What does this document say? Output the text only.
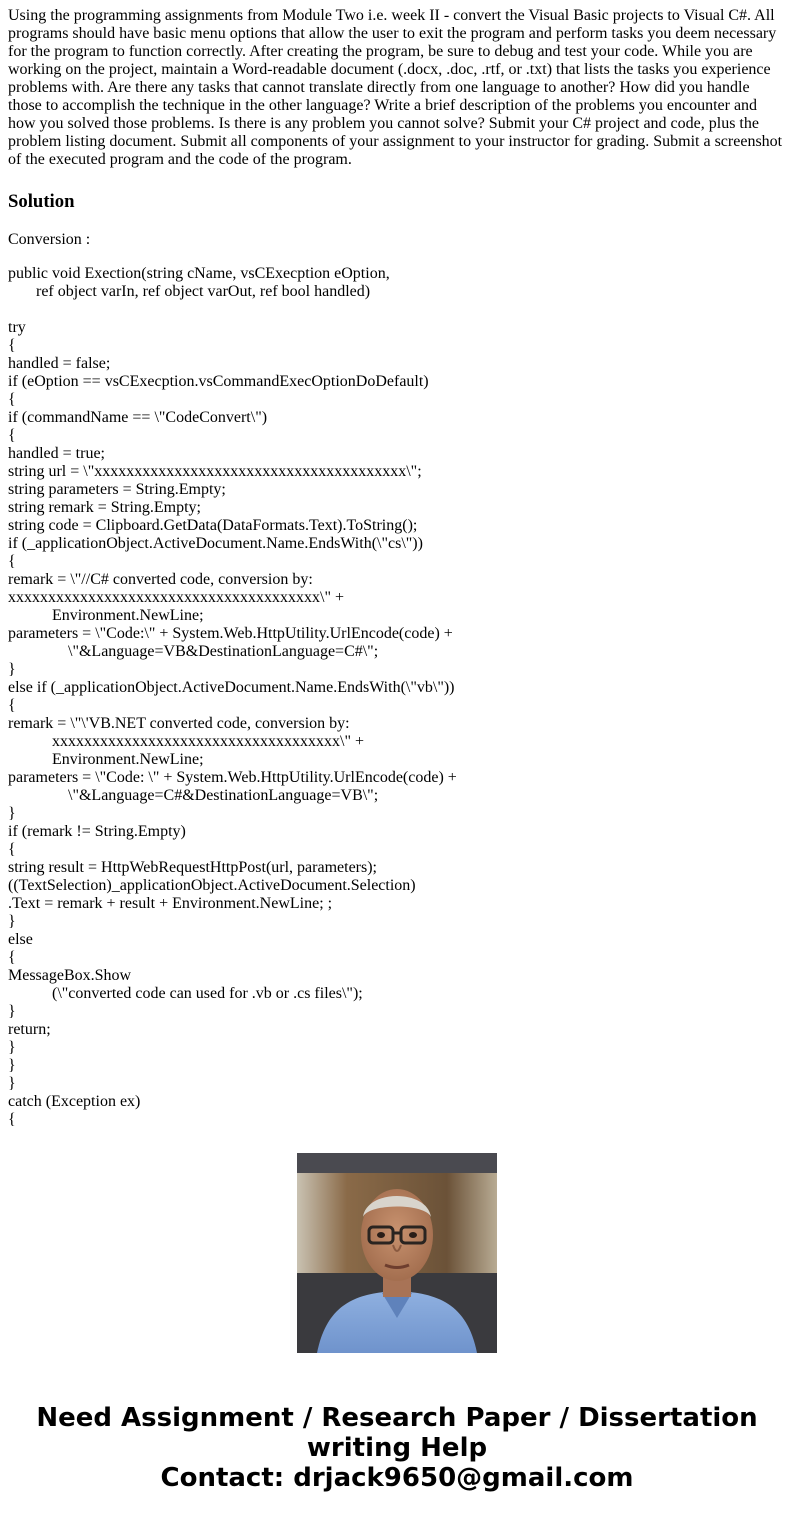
Using the programming assignments from Module Two i.e. week II - convert the Visual Basic projects to Visual C#. All programs should have basic menu options that allow the user to exit the program and perform tasks you deem necessary for the program to function correctly. After creating the program, be sure to debug and test your code. While you are working on the project, maintain a Word-readable document (.docx, .doc, .rtf, or .txt) that lists the tasks you experience problems with. Are there any tasks that cannot translate directly from one language to another? How did you handle those to accomplish the technique in the other language? Write a brief description of the problems you encounter and how you solved those problems. Is there is any problem you cannot solve? Submit your C# project and code, plus the problem listing document. Submit all components of your assignment to your instructor for grading. Submit a screenshot of the executed program and the code of the program.

Solution
Conversion :
public void Exection(string cName, vsCExecption eOption,
ref object varIn, ref object varOut, ref bool handled)
try
{
handled = false;
if (eOption == vsCExecption.vsCommandExecOptionDoDefault)
{
if (commandName == \"CodeConvert\")
{
handled = true;
string url = \"xxxxxxxxxxxxxxxxxxxxxxxxxxxxxxxxxxxxxxx\";
string parameters = String.Empty;
string remark = String.Empty;
string code = Clipboard.GetData(DataFormats.Text).ToString();
if (_applicationObject.ActiveDocument.Name.EndsWith(\"cs\"))
{
remark = \"//C# converted code, conversion by:
xxxxxxxxxxxxxxxxxxxxxxxxxxxxxxxxxxxxxxx\" +
Environment.NewLine;
parameters = \"Code:\" + System.Web.HttpUtility.UrlEncode(code) +
\"&Language=VB&DestinationLanguage=C#\";
}
else if (_applicationObject.ActiveDocument.Name.EndsWith(\"vb\"))
{
remark = \"\'VB.NET converted code, conversion by:
xxxxxxxxxxxxxxxxxxxxxxxxxxxxxxxxxxxx\" +
Environment.NewLine;
parameters = \"Code: \" + System.Web.HttpUtility.UrlEncode(code) +
\"&Language=C#&DestinationLanguage=VB\";
}
if (remark != String.Empty)
{
string result = HttpWebRequestHttpPost(url, parameters);
((TextSelection)_applicationObject.ActiveDocument.Selection)
.Text = remark + result + Environment.NewLine; ;
}
else
{
MessageBox.Show
(\"converted code can used for .vb or .cs files\");
}
return;
}
}
}
catch (Exception ex)
{
Need Assignment / Research Paper / Dissertation
writing Help
Contact: drjack9650@gmail.com
